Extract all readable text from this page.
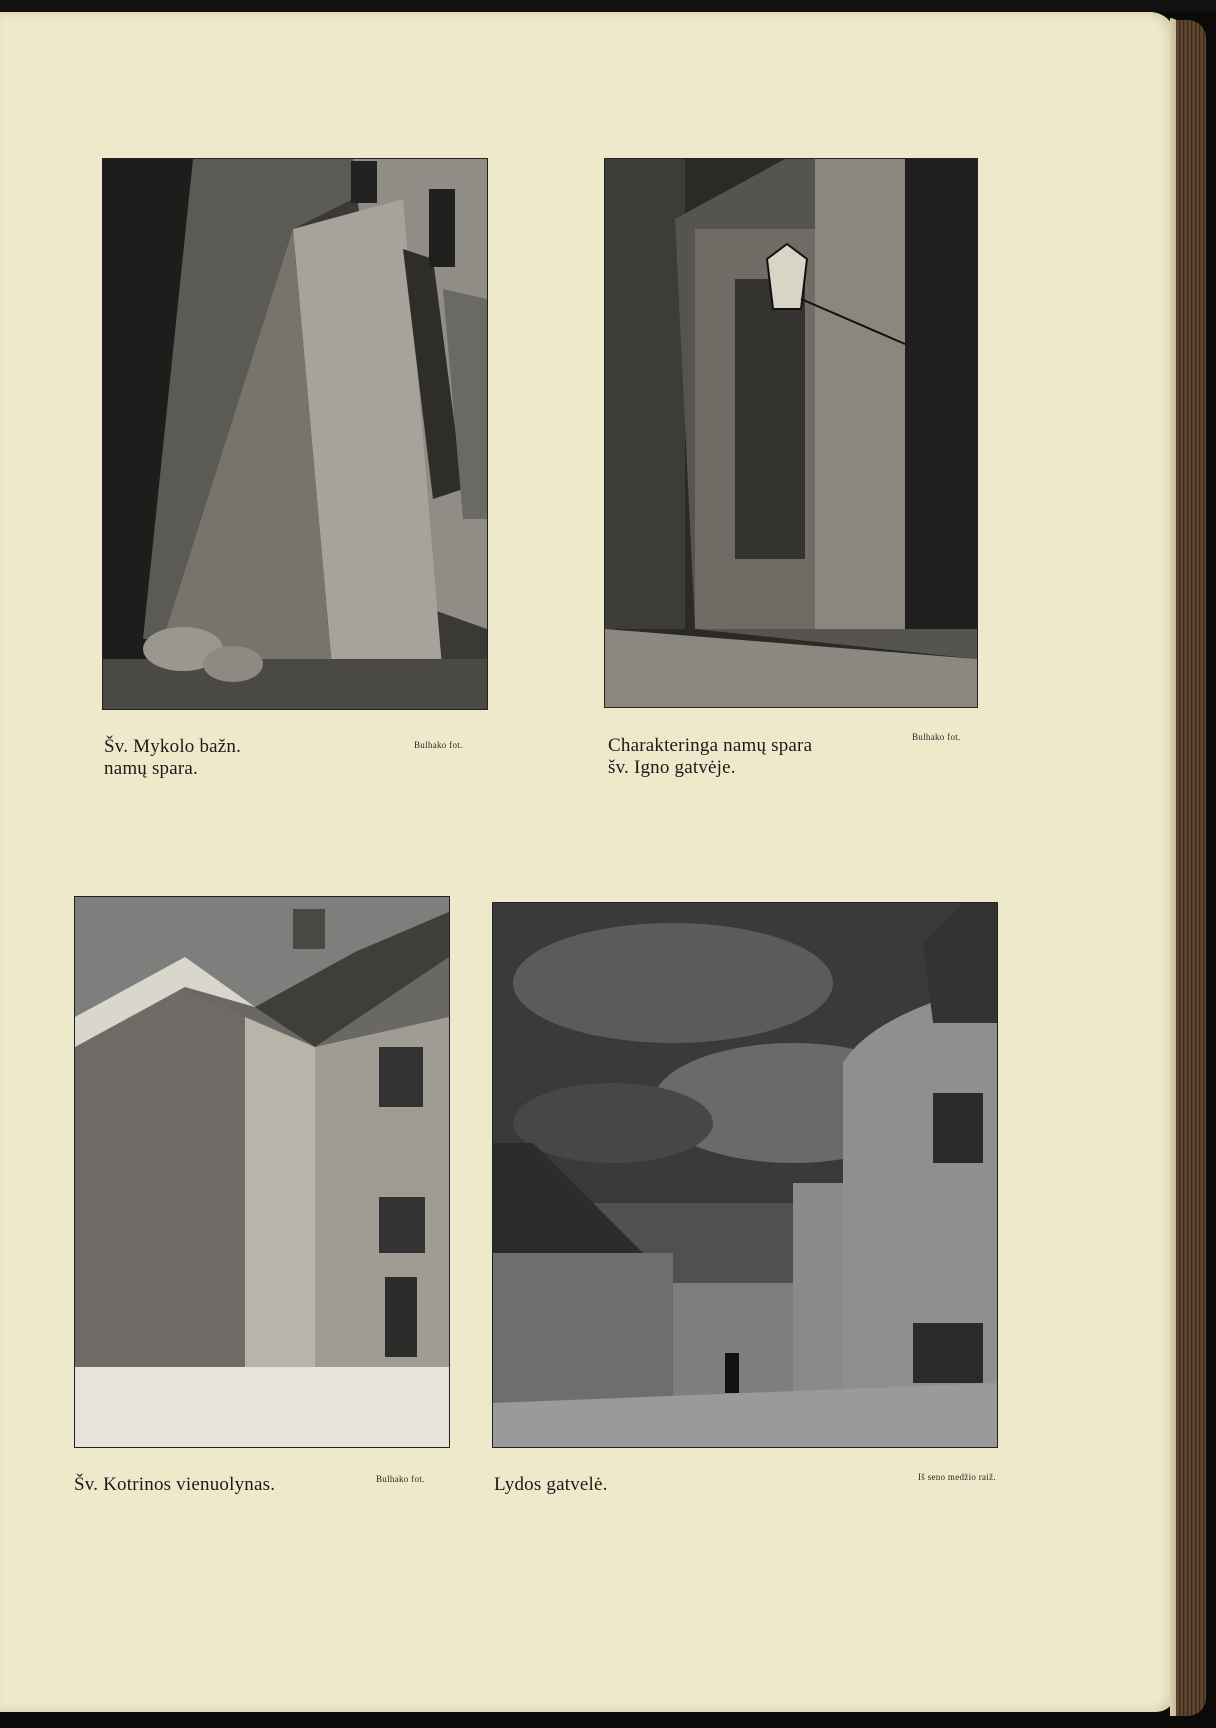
Šv. Mykolo bažn.
namų spara.
Bulhako fot.	Charakteringa namų spara
šv. Igno gatvėje.
Bulhako fot.
Šv. Kotrinos vienuolynas.	Bulhako fot.	Lydos gatvelė.	Iš seno medžio raiž.
